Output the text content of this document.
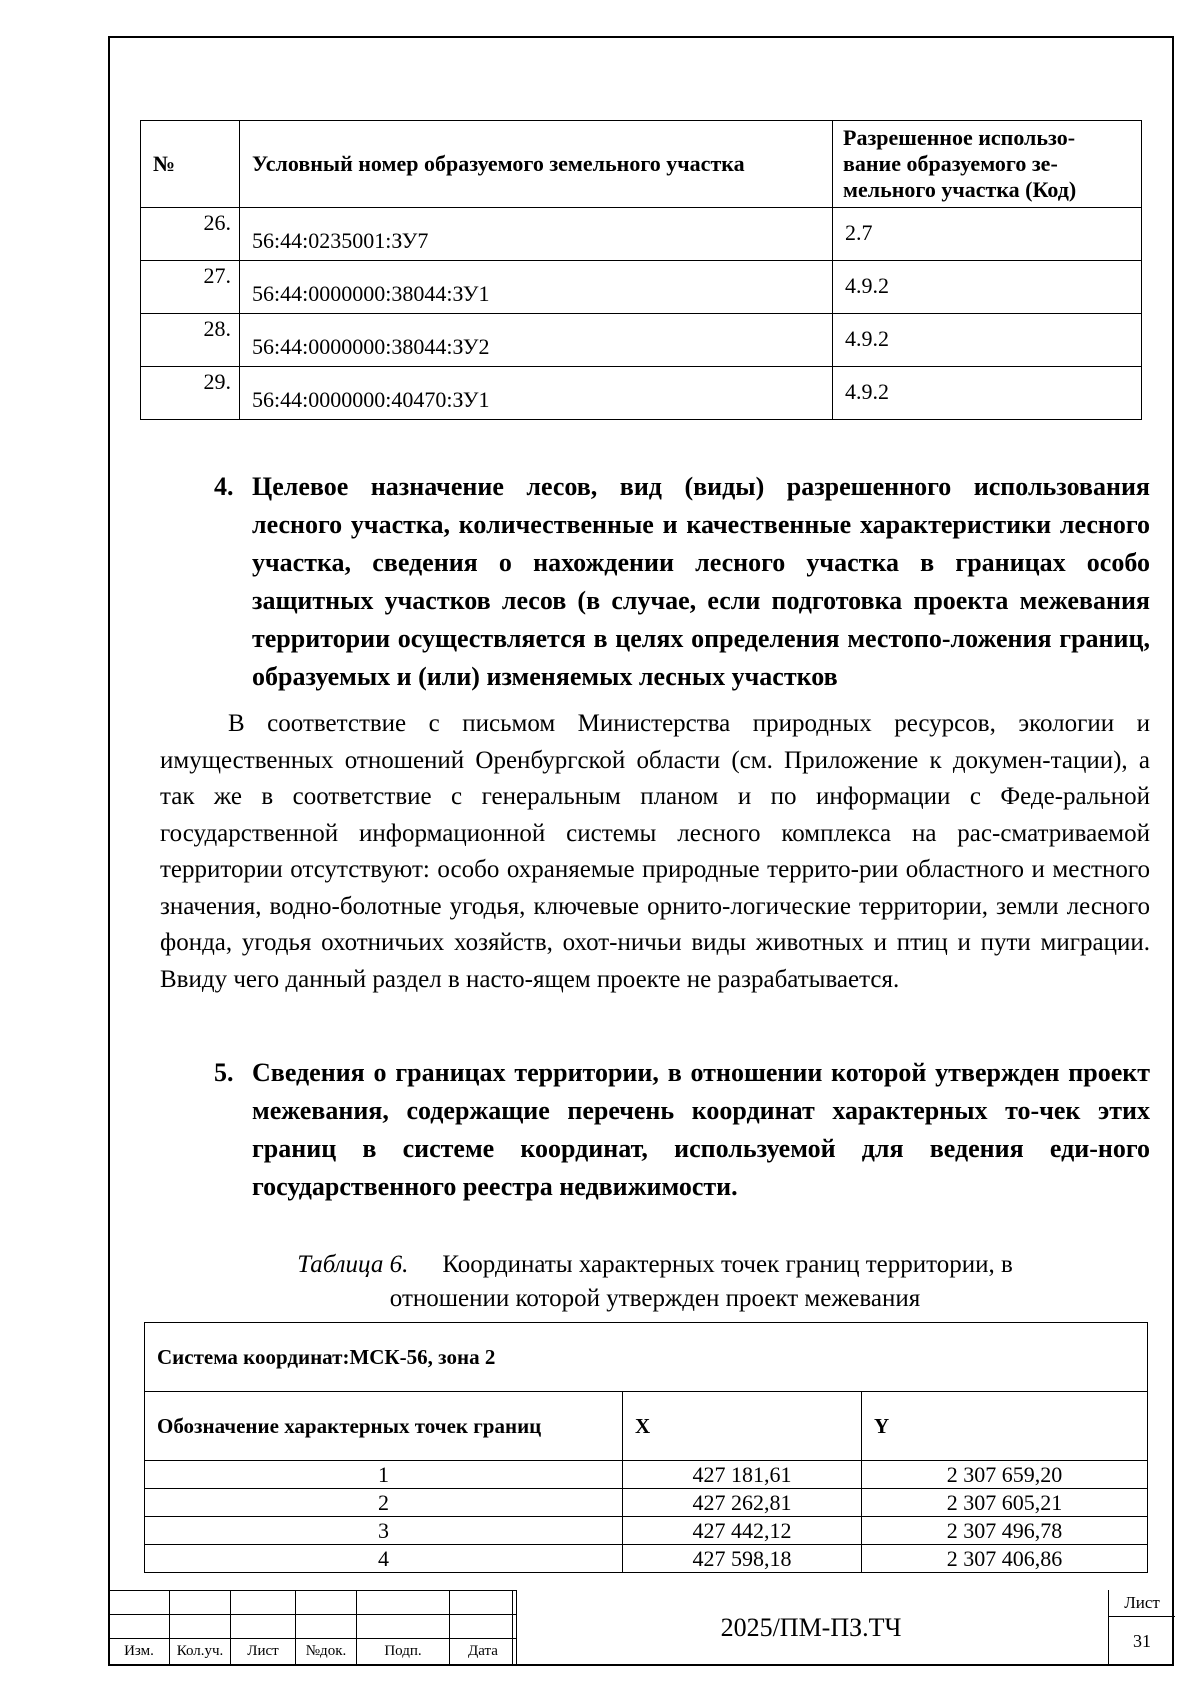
№	Условный номер образуемого земельного участка	Разрешенное использо-вание образуемого зе-мельного участка (Код)
26.	56:44:0235001:ЗУ7	2.7
27.	56:44:0000000:38044:ЗУ1	4.9.2
28.	56:44:0000000:38044:ЗУ2	4.9.2
29.	56:44:0000000:40470:ЗУ1	4.9.2
4. Целевое назначение лесов, вид (виды) разрешенного использования лесного участка, количественные и качественные характеристики лесного участка, сведения о нахождении лесного участка в границах особо защитных участков лесов (в случае, если подготовка проекта межевания территории осуществляется в целях определения местопо-ложения границ, образуемых и (или) изменяемых лесных участков
В соответствие с письмом Министерства природных ресурсов, экологии и имущественных отношений Оренбургской области (см. Приложение к докумен-тации), а так же в соответствие с генеральным планом и по информации с Феде-ральной государственной информационной системы лесного комплекса на рас-сматриваемой территории отсутствуют: особо охраняемые природные террито-рии областного и местного значения, водно-болотные угодья, ключевые орнито-логические территории, земли лесного фонда, угодья охотничьих хозяйств, охот-ничьи виды животных и птиц и пути миграции. Ввиду чего данный раздел в насто-ящем проекте не разрабатывается.
5. Сведения о границах территории, в отношении которой утвержден проект межевания, содержащие перечень координат характерных то-чек этих границ в системе координат, используемой для ведения еди-ного государственного реестра недвижимости.
Таблица 6. Координаты характерных точек границ территории, в
отношении которой утвержден проект межевания
Система координат:МСК-56, зона 2		
Обозначение характерных точек границ	X	Y
1	427 181,61	2 307 659,20
2	427 262,81	2 307 605,21
3	427 442,12	2 307 496,78
4	427 598,18	2 307 406,86

Изм.	Кол.уч.	Лист	№док.	Подп.	Дата
2025/ПМ-ПЗ.ТЧ
Лист
31
